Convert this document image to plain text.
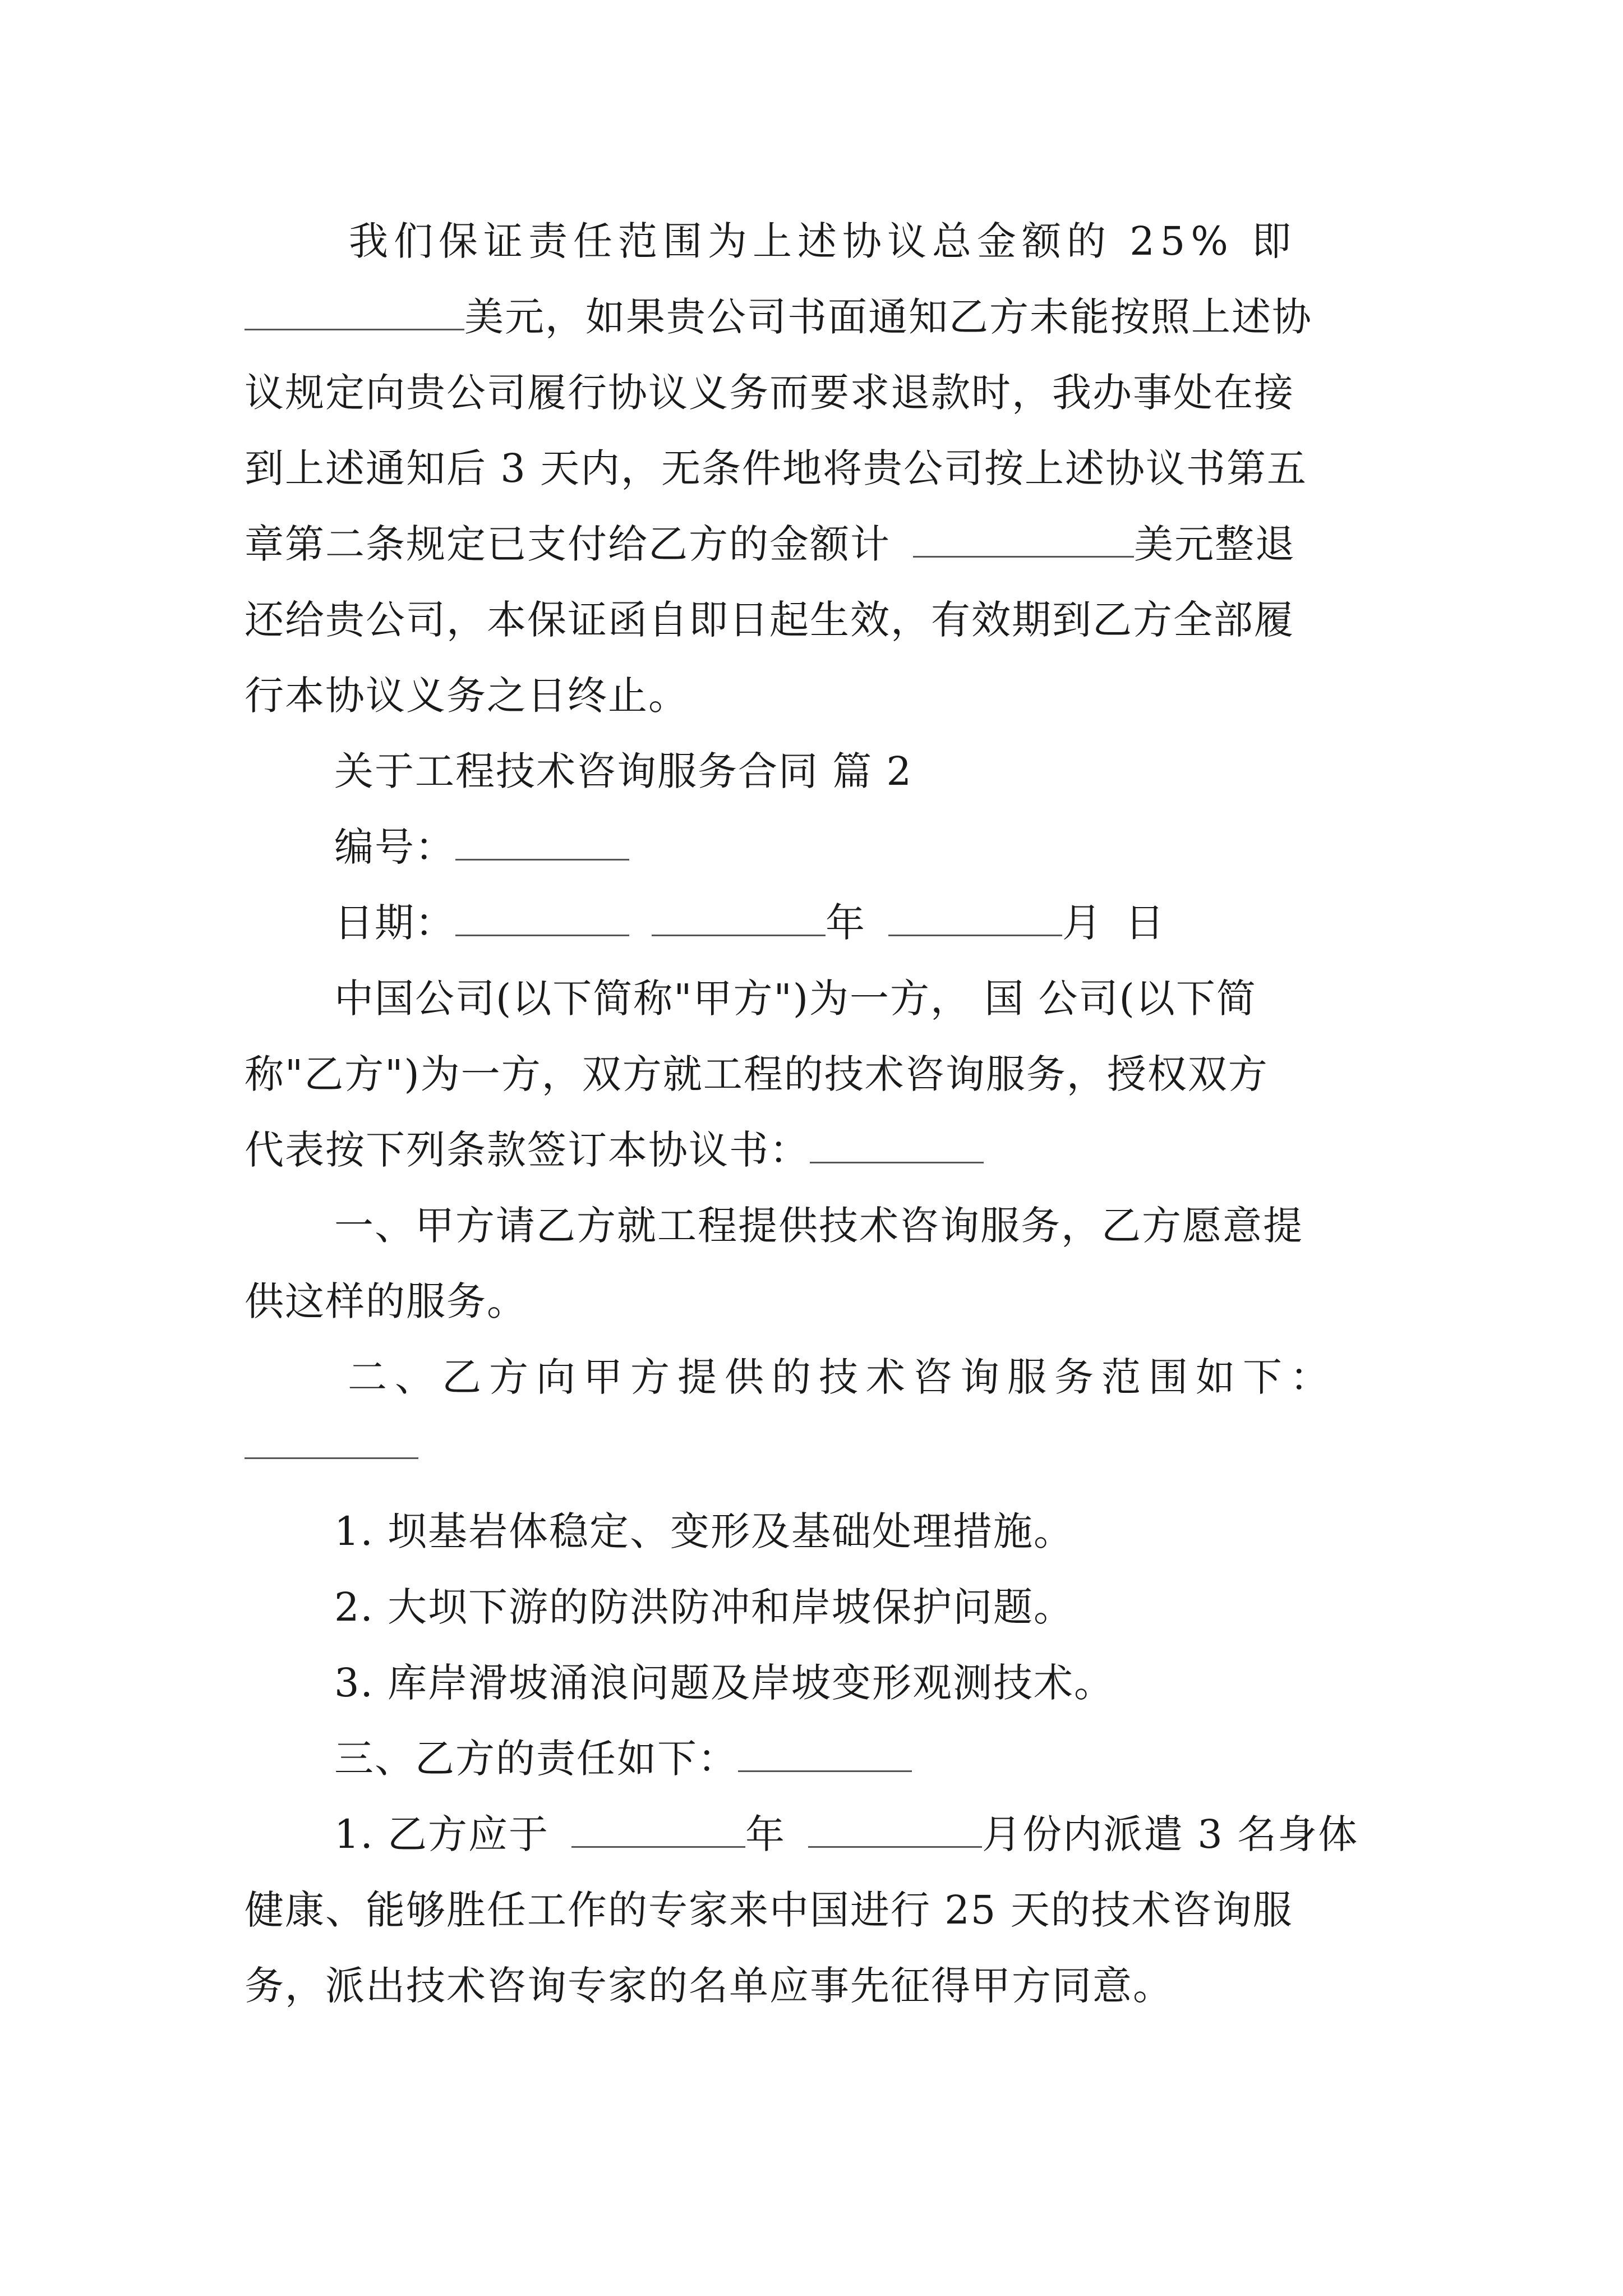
我们保证责任范围为上述协议总金额的 25% 即
美元，如果贵公司书面通知乙方未能按照上述协
议规定向贵公司履行协议义务而要求退款时，我办事处在接
到上述通知后 3 天内，无条件地将贵公司按上述协议书第五
章第二条规定已支付给乙方的金额计	美元整退
还给贵公司，本保证函自即日起生效，有效期到乙方全部履
行本协议义务之日终止。
关于工程技术咨询服务合同 篇 2
编号：
日期：	年	月 日
中国公司(以下简称"甲方")为一方， 国 公司(以下简
称"乙方")为一方，双方就工程的技术咨询服务，授权双方
代表按下列条款签订本协议书：
一、甲方请乙方就工程提供技术咨询服务，乙方愿意提
供这样的服务。
二、乙方向甲方提供的技术咨询服务范围如下：
1. 坝基岩体稳定、变形及基础处理措施。
2. 大坝下游的防洪防冲和岸坡保护问题。
3. 库岸滑坡涌浪问题及岸坡变形观测技术。
三、乙方的责任如下：
1. 乙方应于	年	月份内派遣 3 名身体
健康、能够胜任工作的专家来中国进行 25 天的技术咨询服
务，派出技术咨询专家的名单应事先征得甲方同意。
